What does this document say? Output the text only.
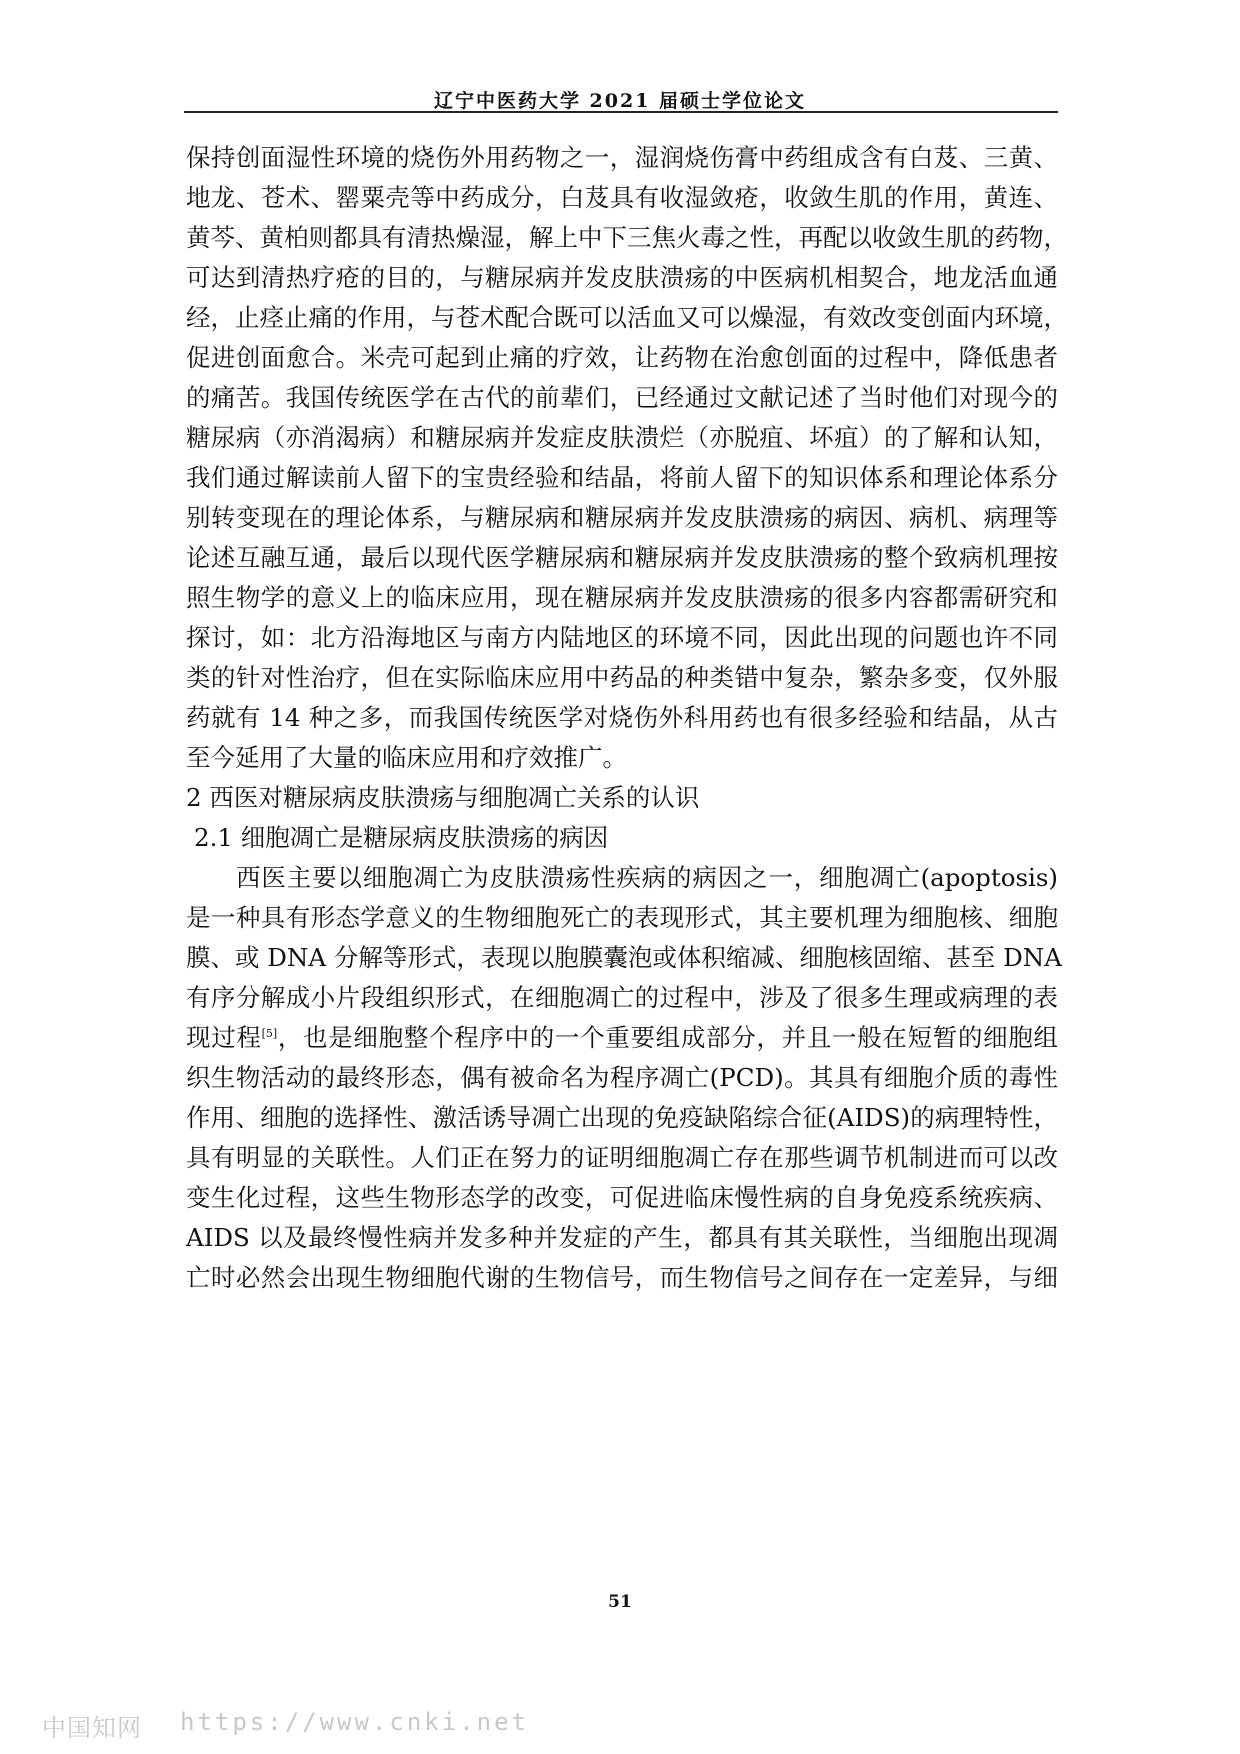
辽宁中医药大学 2021 届硕士学位论文
保持创面湿性环境的烧伤外用药物之一，湿润烧伤膏中药组成含有白芨、三黄、
地龙、苍术、罂粟壳等中药成分，白芨具有收湿敛疮，收敛生肌的作用，黄连、
黄芩、黄柏则都具有清热燥湿，解上中下三焦火毒之性，再配以收敛生肌的药物，
可达到清热疗疮的目的，与糖尿病并发皮肤溃疡的中医病机相契合，地龙活血通
经，止痉止痛的作用，与苍术配合既可以活血又可以燥湿，有效改变创面内环境，
促进创面愈合。米壳可起到止痛的疗效，让药物在治愈创面的过程中，降低患者
的痛苦。我国传统医学在古代的前辈们，已经通过文献记述了当时他们对现今的
糖尿病（亦消渴病）和糖尿病并发症皮肤溃烂（亦脱疽、坏疽）的了解和认知，
我们通过解读前人留下的宝贵经验和结晶，将前人留下的知识体系和理论体系分
别转变现在的理论体系，与糖尿病和糖尿病并发皮肤溃疡的病因、病机、病理等
论述互融互通，最后以现代医学糖尿病和糖尿病并发皮肤溃疡的整个致病机理按
照生物学的意义上的临床应用，现在糖尿病并发皮肤溃疡的很多内容都需研究和
探讨，如：北方沿海地区与南方内陆地区的环境不同，因此出现的问题也许不同
类的针对性治疗，但在实际临床应用中药品的种类错中复杂，繁杂多变，仅外服
药就有 14 种之多，而我国传统医学对烧伤外科用药也有很多经验和结晶，从古
至今延用了大量的临床应用和疗效推广。
2 西医对糖尿病皮肤溃疡与细胞凋亡关系的认识
2.1 细胞凋亡是糖尿病皮肤溃疡的病因
西医主要以细胞凋亡为皮肤溃疡性疾病的病因之一，细胞凋亡(apoptosis)
是一种具有形态学意义的生物细胞死亡的表现形式，其主要机理为细胞核、细胞
膜、或 DNA 分解等形式，表现以胞膜囊泡或体积缩减、细胞核固缩、甚至 DNA
有序分解成小片段组织形式，在细胞凋亡的过程中，涉及了很多生理或病理的表
现过程[5]，也是细胞整个程序中的一个重要组成部分，并且一般在短暂的细胞组
织生物活动的最终形态，偶有被命名为程序凋亡(PCD)。其具有细胞介质的毒性
作用、细胞的选择性、激活诱导凋亡出现的免疫缺陷综合征(AIDS)的病理特性，
具有明显的关联性。人们正在努力的证明细胞凋亡存在那些调节机制进而可以改
变生化过程，这些生物形态学的改变，可促进临床慢性病的自身免疫系统疾病、
AIDS 以及最终慢性病并发多种并发症的产生，都具有其关联性，当细胞出现凋
亡时必然会出现生物细胞代谢的生物信号，而生物信号之间存在一定差异，与细
51
中国知网 https://www.cnki.net
